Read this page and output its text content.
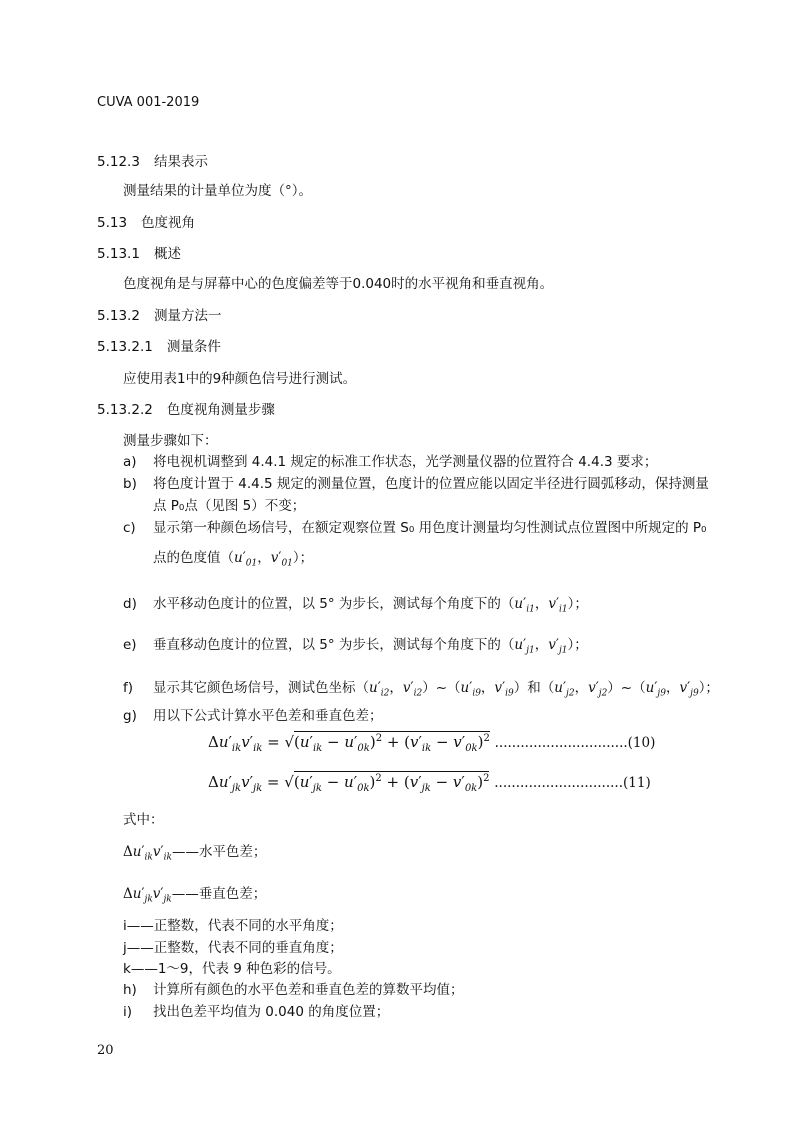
CUVA 001-2019
5.12.3 结果表示
测量结果的计量单位为度（°）。
5.13 色度视角
5.13.1 概述
色度视角是与屏幕中心的色度偏差等于0.040时的水平视角和垂直视角。
5.13.2 测量方法一
5.13.2.1 测量条件
应使用表1中的9种颜色信号进行测试。
5.13.2.2 色度视角测量步骤
测量步骤如下：
a) 将电视机调整到 4.4.1 规定的标准工作状态，光学测量仪器的位置符合 4.4.3 要求；
b) 将色度计置于 4.4.5 规定的测量位置，色度计的位置应能以固定半径进行圆弧移动，保持测量
点 P₀点（见图 5）不变；
c) 显示第一种颜色场信号，在额定观察位置 S₀ 用色度计测量均匀性测试点位置图中所规定的 P₀
点的色度值（$u'_{01}$，$v'_{01}$）；
d) 水平移动色度计的位置，以 5° 为步长，测试每个角度下的（$u'_{i1}$，$v'_{i1}$）；
e) 垂直移动色度计的位置，以 5° 为步长，测试每个角度下的（$u'_{j1}$，$v'_{j1}$）；
f) 显示其它颜色场信号，测试色坐标（$u'_{i2}$，$v'_{i2})\sim(u'_{i9}$，$v'_{i9}$）和（$u'_{j2}$，$v'_{j2})\sim(u'_{j9}$，$v'_{j9}$）；
g) 用以下公式计算水平色差和垂直色差；
$\Delta u'_{ik}v'_{ik} = √(u'_{ik} - u'_{0k})^2 + (v'_{ik} - v'_{0k})^2$ ...............................(10)
$\Delta u'_{jk}v'_{jk} = √(u'_{jk} - u'_{0k})^2 + (v'_{jk} - v'_{0k})^2$ ..............................(11)
式中：
$\Delta u'_{ik}v'_{ik}——$水平色差；
$\Delta u'_{jk}v'_{jk}——$垂直色差；
i——正整数，代表不同的水平角度；
j——正整数，代表不同的垂直角度；
k——1～9，代表 9 种色彩的信号。
h) 计算所有颜色的水平色差和垂直色差的算数平均值；
i) 找出色差平均值为 0.040 的角度位置；
20
